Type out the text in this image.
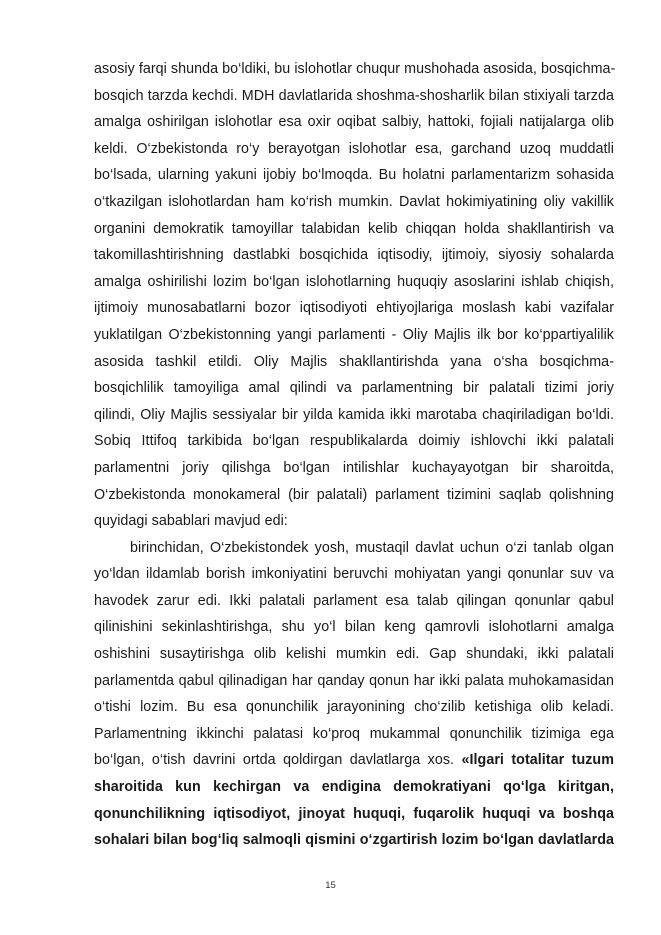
asosiy farqi shunda bo‘ldiki, bu islohotlar chuqur mushohada asosida, bosqichma-
bosqich tarzda kechdi. MDH davlatlarida shoshma-shosharlik bilan stixiyali tarzda
amalga oshirilgan islohotlar esa oxir oqibat salbiy, hattoki, fojiali natijalarga olib
keldi. O‘zbekistonda ro‘y berayotgan islohotlar esa, garchand uzoq muddatli
bo‘lsada, ularning yakuni ijobiy bo‘lmoqda. Bu holatni parlamentarizm sohasida
o‘tkazilgan islohotlardan ham ko‘rish mumkin. Davlat hokimiyatining oliy vakillik
organini demokratik tamoyillar talabidan kelib chiqqan holda shakllantirish va
takomillashtirishning dastlabki bosqichida iqtisodiy, ijtimoiy, siyosiy sohalarda
amalga oshirilishi lozim bo‘lgan islohotlarning huquqiy asoslarini ishlab chiqish,
ijtimoiy munosabatlarni bozor iqtisodiyoti ehtiyojlariga moslash kabi vazifalar
yuklatilgan O‘zbekistonning yangi parlamenti - Oliy Majlis ilk bor ko‘ppartiyalilik
asosida tashkil etildi. Oliy Majlis shakllantirishda yana o‘sha bosqichma-
bosqichlilik tamoyiliga amal qilindi va parlamentning bir palatali tizimi joriy
qilindi, Oliy Majlis sessiyalar bir yilda kamida ikki marotaba chaqiriladigan bo‘ldi.
Sobiq Ittifoq tarkibida bo‘lgan respublikalarda doimiy ishlovchi ikki palatali
parlamentni joriy qilishga bo‘lgan intilishlar kuchayayotgan bir sharoitda,
O‘zbekistonda monokameral (bir palatali) parlament tizimini saqlab qolishning
quyidagi sabablari mavjud edi:
birinchidan, O‘zbekistondek yosh, mustaqil davlat uchun o‘zi tanlab olgan
yo‘ldan ildamlab borish imkoniyatini beruvchi mohiyatan yangi qonunlar suv va
havodek zarur edi. Ikki palatali parlament esa talab qilingan qonunlar qabul
qilinishini sekinlashtirishga, shu yo‘l bilan keng qamrovli islohotlarni amalga
oshishini susaytirishga olib kelishi mumkin edi. Gap shundaki, ikki palatali
parlamentda qabul qilinadigan har qanday qonun har ikki palata muhokamasidan
o‘tishi lozim. Bu esa qonunchilik jarayonining cho‘zilib ketishiga olib keladi.
Parlamentning ikkinchi palatasi ko‘proq mukammal qonunchilik tizimiga ega
bo‘lgan, o‘tish davrini ortda qoldirgan davlatlarga xos. «Ilgari totalitar tuzum
sharoitida kun kechirgan va endigina demokratiyani qo‘lga kiritgan,
qonunchilikning iqtisodiyot, jinoyat huquqi, fuqarolik huquqi va boshqa
sohalari bilan bog‘liq salmoqli qismini o‘zgartirish lozim bo‘lgan davlatlarda
15
